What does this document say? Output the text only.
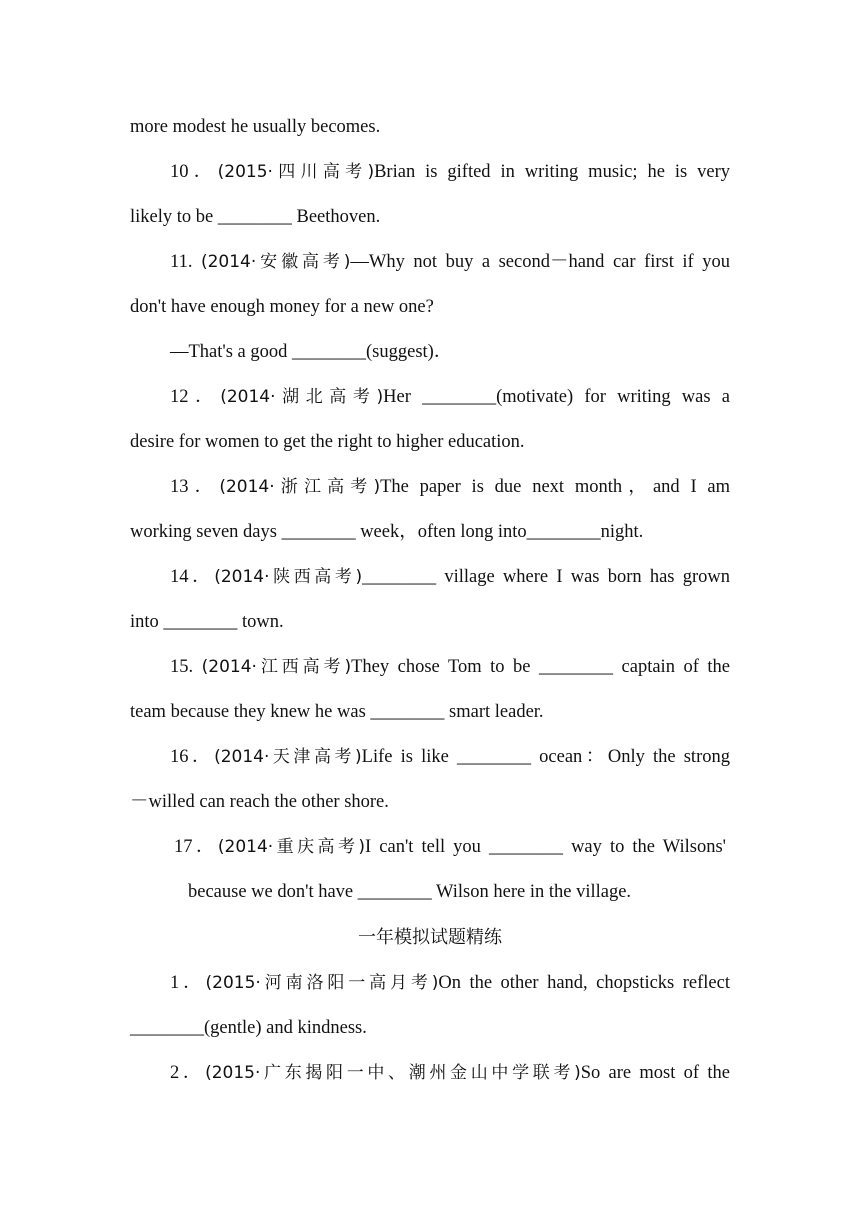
more modest he usually becomes.
10．(2015·四川高考)Brian is gifted in writing music; he is very
likely to be ________ Beethoven.
11. (2014·安徽高考)—Why not buy a second－hand car first if you
don't have enough money for a new one?
—That's a good ________(suggest)．
12．(2014·湖北高考)Her ________(motivate) for writing was a
desire for women to get the right to higher education.
13．(2014·浙江高考)The paper is due next month，and I am
working seven days ________ week，often long into________night.
14．(2014·陕西高考)________ village where I was born has grown
into ________ town.
15. (2014·江西高考)They chose Tom to be ________ captain of the
team because they knew he was ________ smart leader.
16．(2014·天津高考)Life is like ________ ocean：Only the strong
－willed can reach the other shore.
17．(2014·重庆高考)I can't tell you ________ way to the Wilsons'
because we don't have ________ Wilson here in the village.
一年模拟试题精练
1．(2015·河南洛阳一高月考)On the other hand, chopsticks reflect
________(gentle) and kindness.
2．(2015·广东揭阳一中、潮州金山中学联考)So are most of the
